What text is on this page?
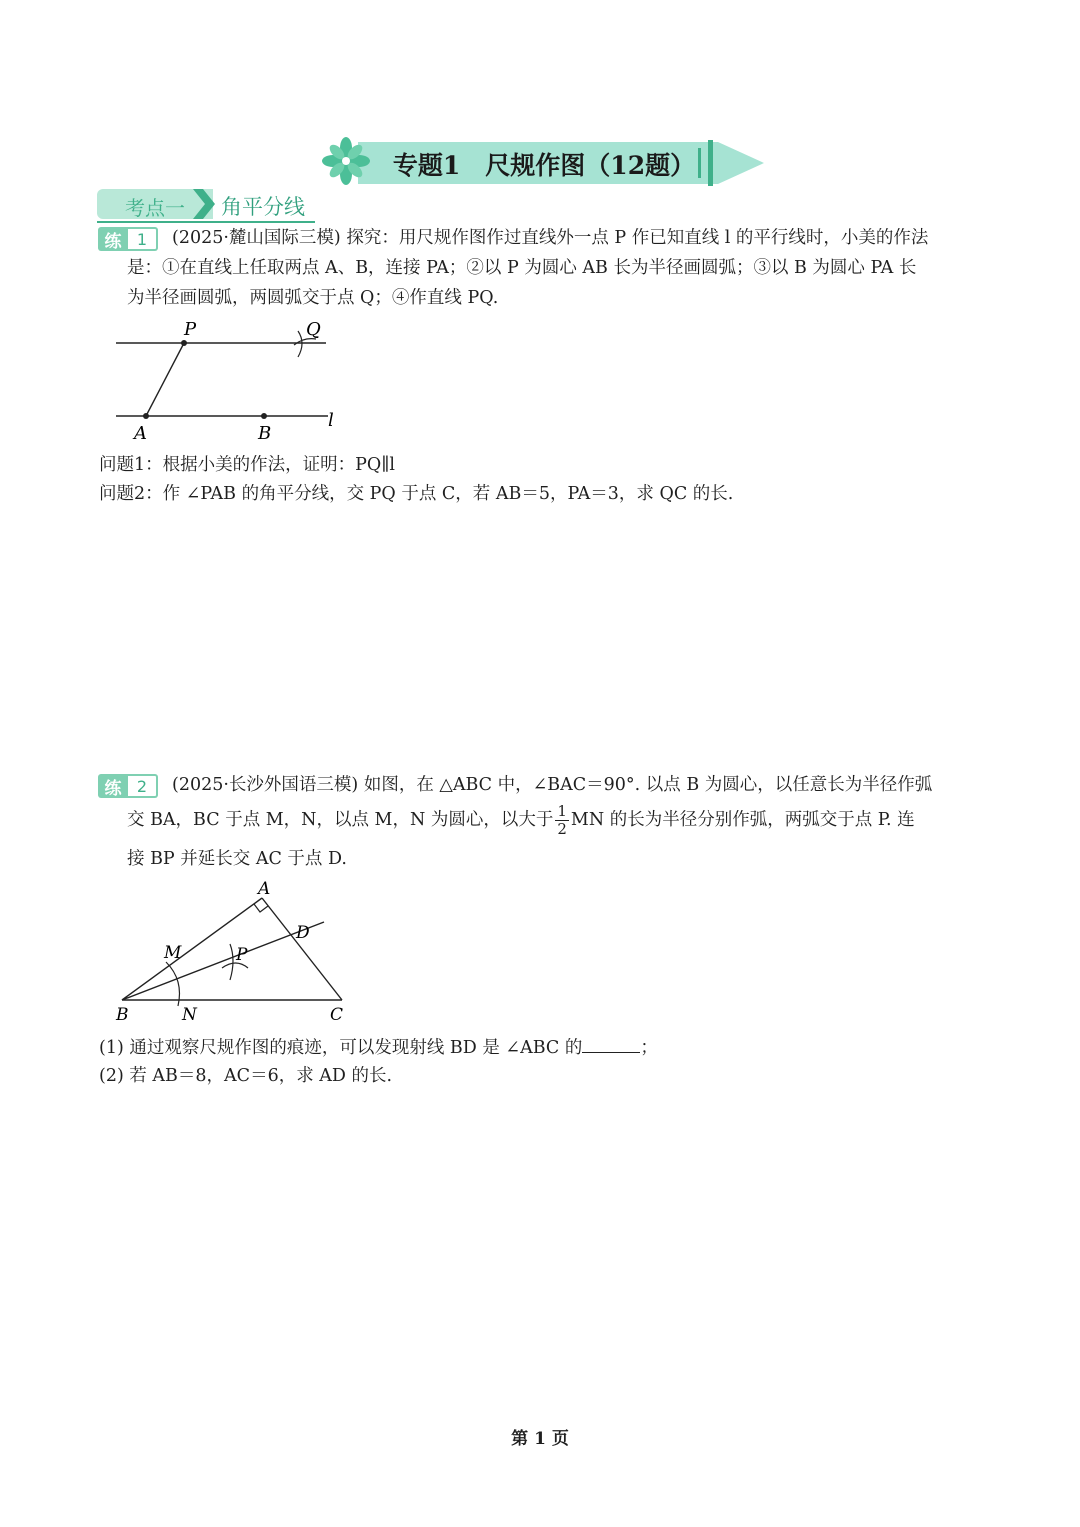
专题1　尺规作图（12题）
考点一	角平分线
练 1	(2025·麓山国际三模) 探究：用尺规作图作过直线外一点 P 作已知直线 l 的平行线时，小美的作法
是：①在直线上任取两点 A、B，连接 PA；②以 P 为圆心 AB 长为半径画圆弧；③以 B 为圆心 PA 长
为半径画圆弧，两圆弧交于点 Q；④作直线 PQ.
P	Q
A	B
l
问题1：根据小美的作法，证明：PQ∥l
问题2：作 ∠PAB 的角平分线，交 PQ 于点 C，若 AB＝5，PA＝3，求 QC 的长.
练 2	(2025·长沙外国语三模) 如图，在 △ABC 中，∠BAC＝90°. 以点 B 为圆心，以任意长为半径作弧
交 BA，BC 于点 M，N，以点 M，N 为圆心，以大于 $\frac{1}{2}$ MN 的长为半径分别作弧，两弧交于点 P. 连
接 BP 并延长交 AC 于点 D.
A
B	C
D
M
N
P
(1) 通过观察尺规作图的痕迹，可以发现射线 BD 是 ∠ABC 的	；
(2) 若 AB＝8，AC＝6，求 AD 的长.
第 1 页
